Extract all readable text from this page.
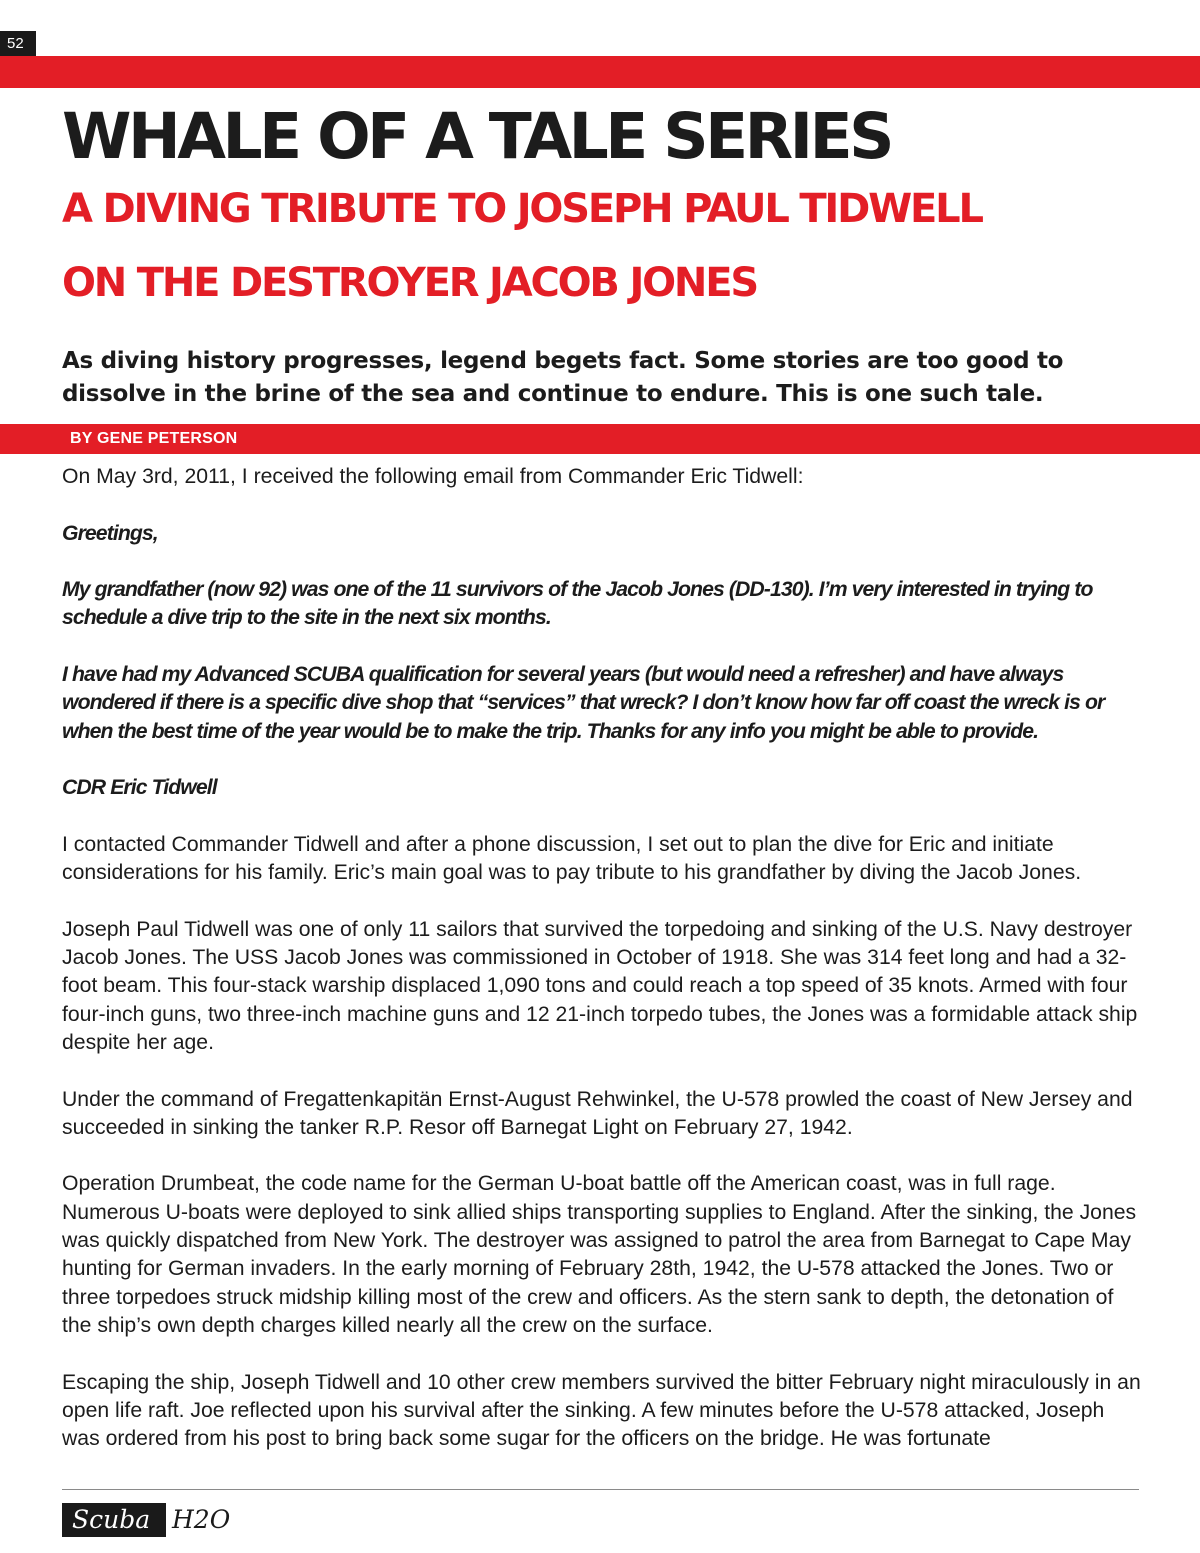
52
WHALE OF A TALE SERIES
A DIVING TRIBUTE TO JOSEPH PAUL TIDWELL
ON THE DESTROYER JACOB JONES

As diving history progresses, legend begets fact. Some stories are too good to dissolve in the brine of the sea and continue to endure. This is one such tale.

BY GENE PETERSON

On May 3rd, 2011, I received the following email from Commander Eric Tidwell:

Greetings,

My grandfather (now 92) was one of the 11 survivors of the Jacob Jones (DD-130). I’m very interested in trying to schedule a dive trip to the site in the next six months.

I have had my Advanced SCUBA qualification for several years (but would need a refresher) and have always wondered if there is a specific dive shop that “services” that wreck? I don’t know how far off coast the wreck is or when the best time of the year would be to make the trip. Thanks for any info you might be able to provide.

CDR Eric Tidwell

I contacted Commander Tidwell and after a phone discussion, I set out to plan the dive for Eric and initiate considerations for his family. Eric’s main goal was to pay tribute to his grandfather by diving the Jacob Jones.

Joseph Paul Tidwell was one of only 11 sailors that survived the torpedoing and sinking of the U.S. Navy destroyer Jacob Jones. The USS Jacob Jones was commissioned in October of 1918. She was 314 feet long and had a 32-foot beam. This four-stack warship displaced 1,090 tons and could reach a top speed of 35 knots. Armed with four four-inch guns, two three-inch machine guns and 12 21-inch torpedo tubes, the Jones was a formidable attack ship despite her age.

Under the command of Fregattenkapitän Ernst-August Rehwinkel, the U-578 prowled the coast of New Jersey and succeeded in sinking the tanker R.P. Resor off Barnegat Light on February 27, 1942.

Operation Drumbeat, the code name for the German U-boat battle off the American coast, was in full rage. Numerous U-boats were deployed to sink allied ships transporting supplies to England. After the sinking, the Jones was quickly dispatched from New York. The destroyer was assigned to patrol the area from Barnegat to Cape May hunting for German invaders. In the early morning of February 28th, 1942, the U-578 attacked the Jones. Two or three torpedoes struck midship killing most of the crew and officers. As the stern sank to depth, the detonation of the ship’s own depth charges killed nearly all the crew on the surface.

Escaping the ship, Joseph Tidwell and 10 other crew members survived the bitter February night miraculously in an open life raft. Joe reflected upon his survival after the sinking. A few minutes before the U-578 attacked, Joseph was ordered from his post to bring back some sugar for the officers on the bridge. He was fortunate

Scuba H2O
